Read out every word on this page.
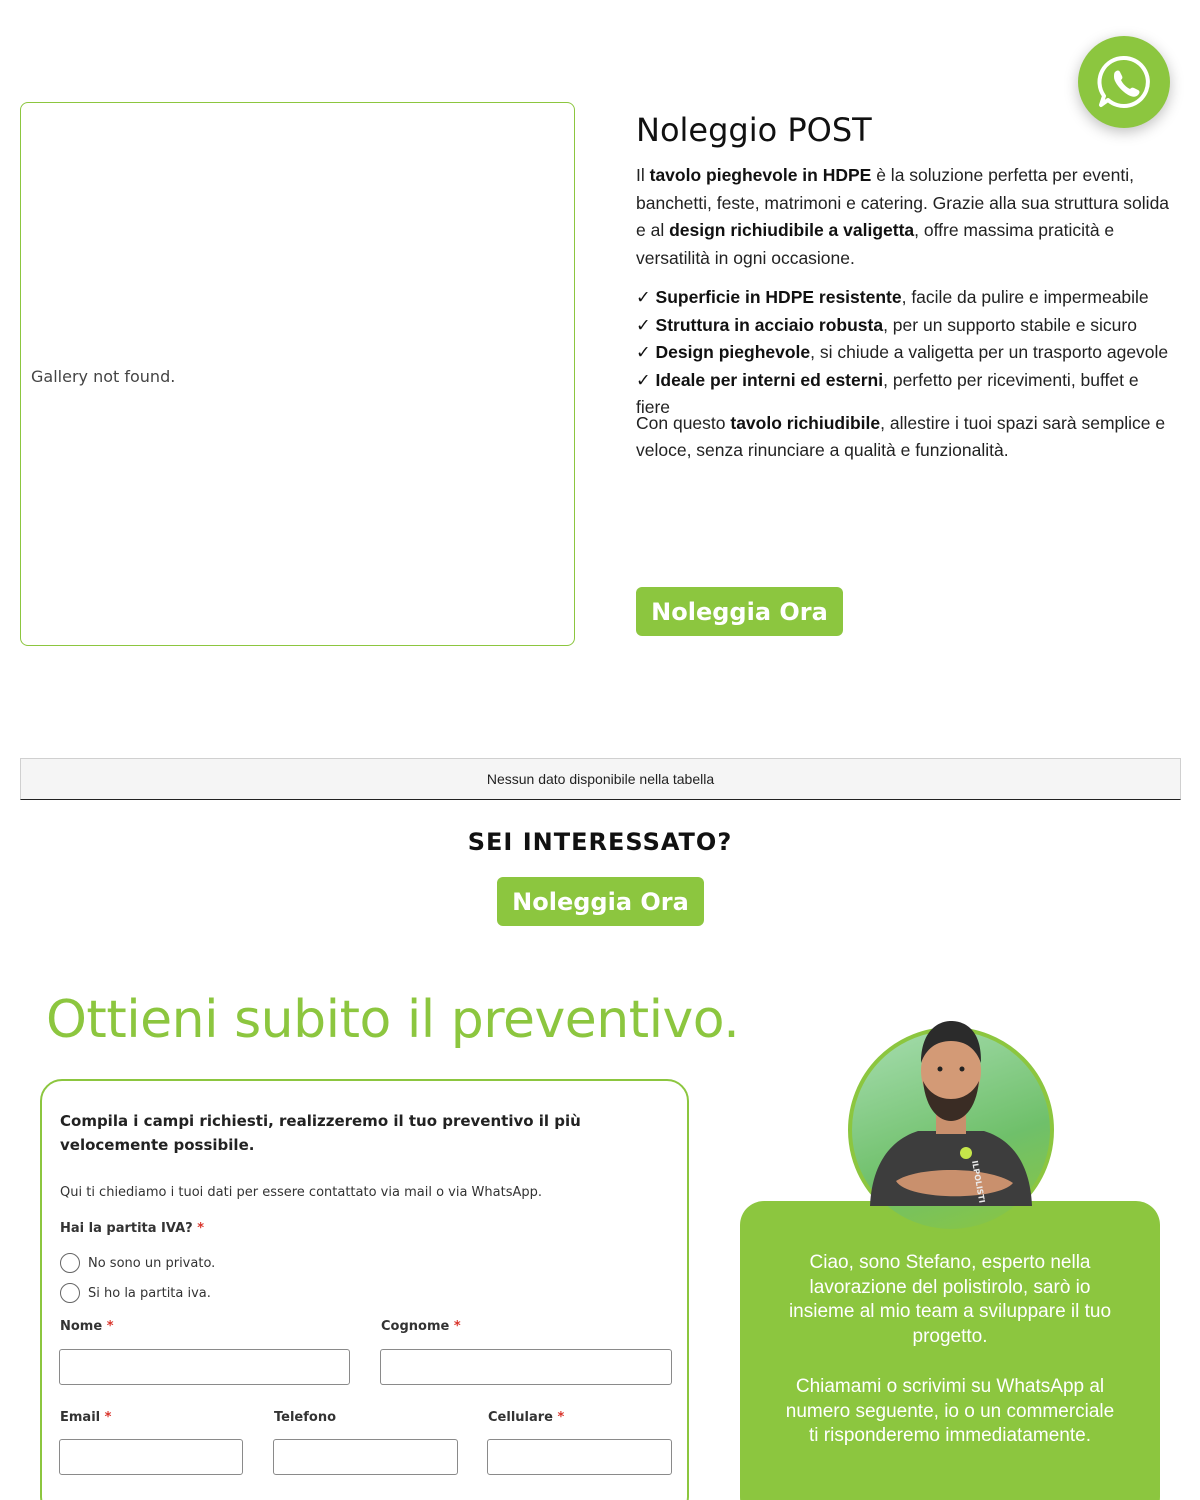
Gallery not found.
Noleggio POST

Il tavolo pieghevole in HDPE è la soluzione perfetta per eventi, banchetti, feste, matrimoni e catering. Grazie alla sua struttura solida e al design richiudibile a valigetta, offre massima praticità e versatilità in ogni occasione.

✓ Superficie in HDPE resistente, facile da pulire e impermeabile
✓ Struttura in acciaio robusta, per un supporto stabile e sicuro
✓ Design pieghevole, si chiude a valigetta per un trasporto agevole
✓ Ideale per interni ed esterni, perfetto per ricevimenti, buffet e fiere

Con questo tavolo richiudibile, allestire i tuoi spazi sarà semplice e veloce, senza rinunciare a qualità e funzionalità.

Noleggia Ora
Nessun dato disponibile nella tabella
SEI INTERESSATO?
Noleggia Ora
Ottieni subito il preventivo.
Compila i campi richiesti, realizzeremo il tuo preventivo il più velocemente possibile.
Qui ti chiediamo i tuoi dati per essere contattato via mail o via WhatsApp.
Hai la partita IVA? *
No sono un privato.
Si ho la partita iva.
Nome *	Cognome *
Email *	Telefono	Cellulare *

Ciao, sono Stefano, esperto nella lavorazione del polistirolo, sarò io insieme al mio team a sviluppare il tuo progetto.

Chiamami o scrivimi su WhatsApp al numero seguente, io o un commerciale ti risponderemo immediatamente.

ILPOLISTI
